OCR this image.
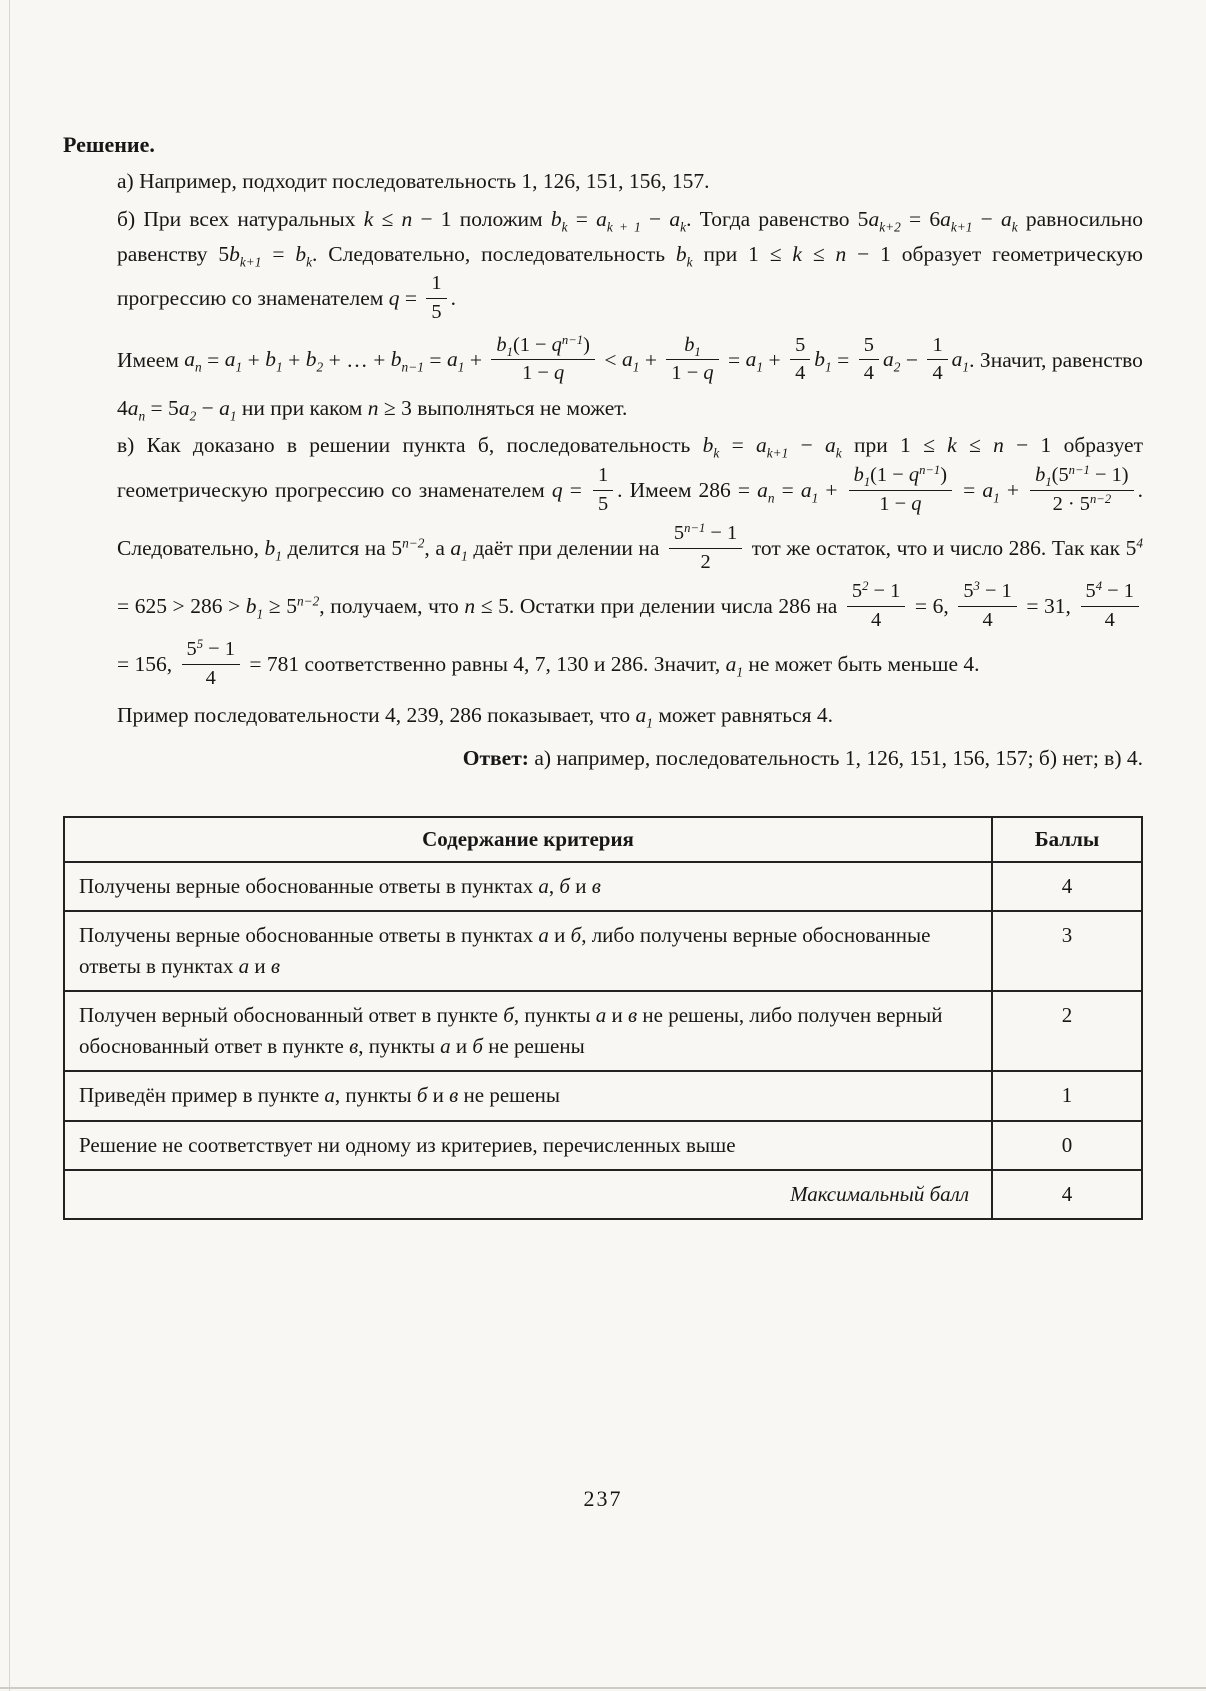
Решение.

а) Например, подходит последовательность 1, 126, 151, 156, 157.

б) При всех натуральных k ≤ n − 1 положим $b_k = a_{k + 1} - a_k$. Тогда равенство $5a_{k+2} = 6a_{k+1} - a_k$ равносильно равенству $5b_{k+1} = b_k$. Следовательно, последовательность $b_k$ при 1 ≤ k ≤ n − 1 образует геометрическую прогрессию со знаменателем $q = \frac{1}{5}$ .

Имеем $a_n = a_1 + b_1 + b_2$ + … + $b_{n-1} = a_1 + \frac{b_1(1 - q^{n-1})}{1 - q} < a_1 + \frac{b_1}{1 - q} = a_1 + \frac{5}{4} b_1 = \frac{5}{4} a_2 - \frac{1}{4} a_1$. Значит, равенство $4a_n = 5a_2 - a_1$ ни при каком n ≥ 3 выполняться не может.

в) Как доказано в решении пункта б, последовательность $b_k = a_{k+1} - a_k$ при 1 ≤ k ≤ n − 1 образует геометрическую прогрессию со знаменателем $q = \frac{1}{5}$ . Имеем $286 = a_n = a_1 + \frac{b_1(1 - q^{n-1})}{1 - q} = a_1 + \frac{b_1(5^{n-1} - 1)}{2 \cdot 5^{n-2}}$ . Следовательно, $b_1$ делится на $5^{n-2}$, а $a_1$ даёт при делении на $\frac{5^{n-1} - 1}{2}$ тот же остаток, что и число 286. Так как $5^4 = 625 > 286 > b_1 \ge 5^{n-2}$, получаем, что n ≤ 5. Остатки при делении числа 286 на $\frac{5^2 - 1}{4} = 6$, $\frac{5^3 - 1}{4} = 31$, $\frac{5^4 - 1}{4}$
= 156, $\frac{5^5 - 1}{4} = 781$ соответственно равны 4, 7, 130 и 286. Значит, $a_1$ не может быть меньше 4.

Пример последовательности 4, 239, 286 показывает, что $a_1$ может равняться 4.

Ответ: а) например, последовательность 1, 126, 151, 156, 157; б) нет; в) 4.

Содержание критерия	Баллы
Получены верные обоснованные ответы в пунктах а, б и в	4
Получены верные обоснованные ответы в пунктах а и б, либо получены верные обоснованные ответы в пунктах а и в	3
Получен верный обоснованный ответ в пункте б, пункты а и в не решены, либо получен верный обоснованный ответ в пункте в, пункты а и б не решены	2
Приведён пример в пункте а, пункты б и в не решены	1
Решение не соответствует ни одному из критериев, перечисленных выше	0
Максимальный балл	4
237
